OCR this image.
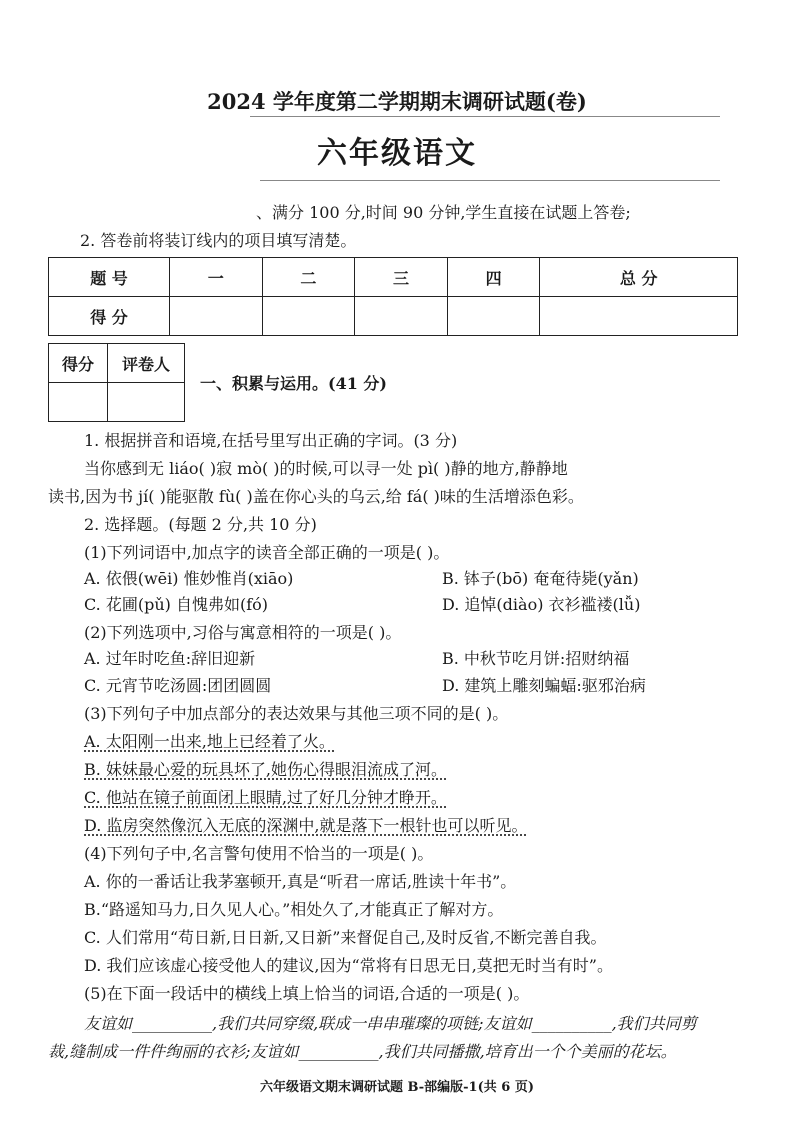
2024 学年度第二学期期末调研试题(卷)
六年级语文
、满分 100 分,时间 90 分钟,学生直接在试题上答卷;
2. 答卷前将装订线内的项目填写清楚。
题 号	一	二	三	四	总 分
得 分					
得分	评卷人

一、积累与运用。(41 分)
1. 根据拼音和语境,在括号里写出正确的字词。(3 分)
当你感到无 liáo( )寂 mò( )的时候,可以寻一处 pì( )静的地方,静静地
读书,因为书 jí( )能驱散 fù( )盖在你心头的乌云,给 fá( )味的生活增添色彩。
2. 选择题。(每题 2 分,共 10 分)
(1)下列词语中,加点字的读音全部正确的一项是( )。
A. 依偎(wēi) 惟妙惟肖(xiāo)	B. 钵子(bō) 奄奄待毙(yǎn)
C. 花圃(pǔ) 自愧弗如(fó)	D. 追悼(diào) 衣衫褴褛(lǚ)
(2)下列选项中,习俗与寓意相符的一项是( )。
A. 过年时吃鱼:辞旧迎新	B. 中秋节吃月饼:招财纳福
C. 元宵节吃汤圆:团团圆圆	D. 建筑上雕刻蝙蝠:驱邪治病
(3)下列句子中加点部分的表达效果与其他三项不同的是( )。
A. 太阳刚一出来,地上已经着了火。
B. 妹妹最心爱的玩具坏了,她伤心得眼泪流成了河。
C. 他站在镜子前面闭上眼睛,过了好几分钟才睁开。
D. 监房突然像沉入无底的深渊中,就是落下一根针也可以听见。
(4)下列句子中,名言警句使用不恰当的一项是( )。
A. 你的一番话让我茅塞顿开,真是“听君一席话,胜读十年书”。
B.“路遥知马力,日久见人心。”相处久了,才能真正了解对方。
C. 人们常用“苟日新,日日新,又日新”来督促自己,及时反省,不断完善自我。
D. 我们应该虚心接受他人的建议,因为“常将有日思无日,莫把无时当有时”。
(5)在下面一段话中的横线上填上恰当的词语,合适的一项是( )。
友谊如__________,我们共同穿缀,联成一串串璀璨的项链;友谊如__________,我们共同剪
裁,缝制成一件件绚丽的衣衫;友谊如__________,我们共同播撒,培育出一个个美丽的花坛。
六年级语文期末调研试题 B-部编版-1(共 6 页)
